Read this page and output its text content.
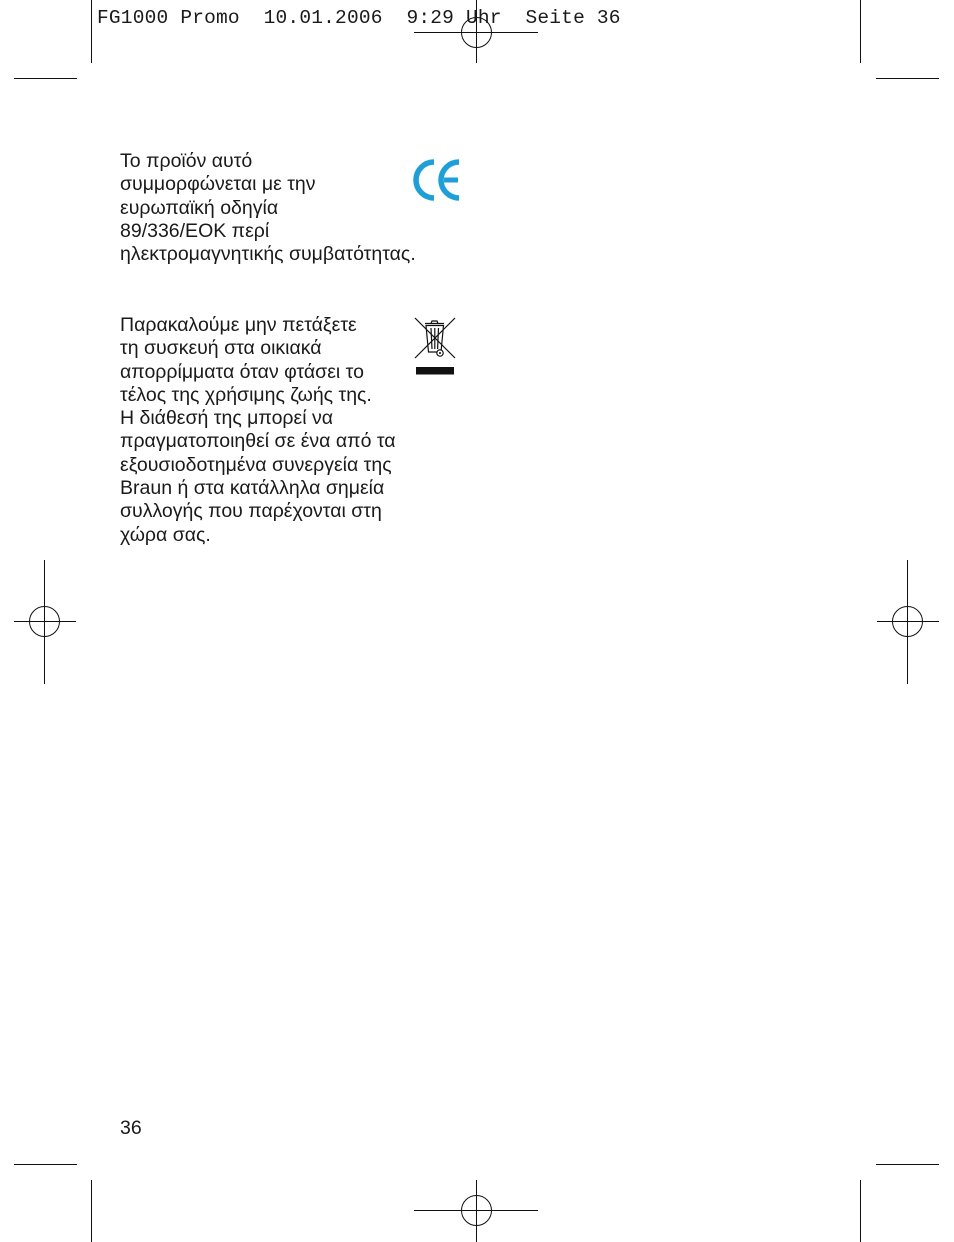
FG1000 Promo  10.01.2006  9:29 Uhr  Seite 36

Το προϊόν αυτό
συμμορφώνεται με την
ευρωπαϊκή οδηγία
89/336/ΕΟΚ περί
ηλεκτρομαγνητικής συμβατότητας.

Παρακαλούμε μην πετάξετε
τη συσκευή στα οικιακά
απορρίμματα όταν φτάσει το
τέλος της χρήσιμης ζωής της.
Η διάθεσή της μπορεί να
πραγματοποιηθεί σε ένα από τα
εξουσιοδοτημένα συνεργεία της
Braun ή στα κατάλληλα σημεία
συλλογής που παρέχονται στη
χώρα σας.

36
